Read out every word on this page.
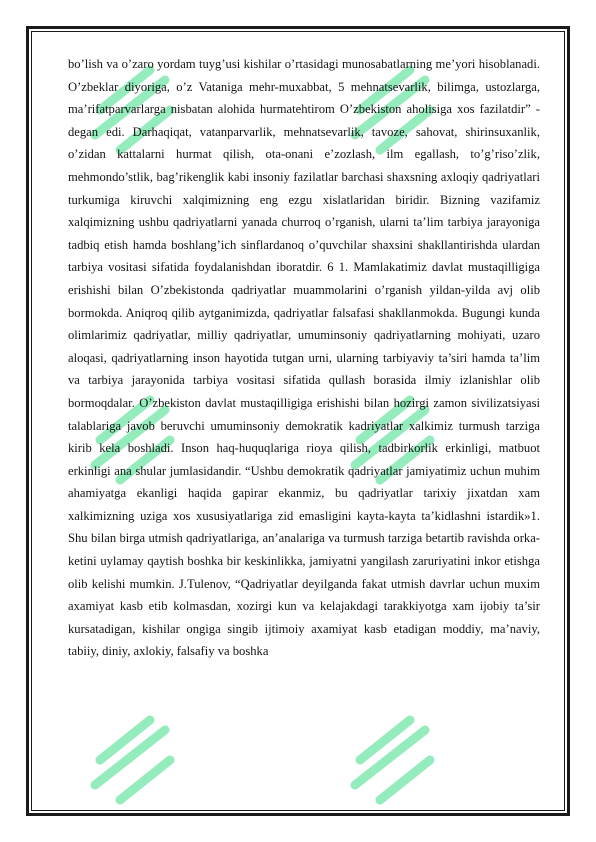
bo’lish va o’zaro yordam tuyg’usi kishilar o’rtasidagi munosabatlarning me’yori hisoblanadi. O’zbeklar diyoriga, o’z Vataniga mehr-muxabbat, 5 mehnatsevarlik, bilimga, ustozlarga, ma’rifatparvarlarga nisbatan alohida hurmatehtirom O’zbekiston aholisiga xos fazilatdir” - degan edi. Darhaqiqat, vatanparvarlik, mehnatsevarlik, tavoze, sahovat, shirinsuxanlik, o’zidan kattalarni hurmat qilish, ota-onani e’zozlash, ilm egallash, to’g’riso’zlik, mehmondo’stlik, bag’rikenglik kabi insoniy fazilatlar barchasi shaxsning axloqiy qadriyatlari turkumiga kiruvchi xalqimizning eng ezgu xislatlaridan biridir. Bizning vazifamiz xalqimizning ushbu qadriyatlarni yanada churroq o’rganish, ularni ta’lim tarbiya jarayoniga tadbiq etish hamda boshlang’ich sinflardanoq o’quvchilar shaxsini shakllantirishda ulardan tarbiya vositasi sifatida foydalanishdan iboratdir. 6 1. Mamlakatimiz davlat mustaqilligiga erishishi bilan O’zbekistonda qadriyatlar muammolarini o’rganish yildan-yilda avj olib bormokda. Aniqroq qilib aytganimizda, qadriyatlar falsafasi shakllanmokda. Bugungi kunda olimlarimiz qadriyatlar, milliy qadriyatlar, umuminsoniy qadriyatlarning mohiyati, uzaro aloqasi, qadriyatlarning inson hayotida tutgan urni, ularning tarbiyaviy ta’siri hamda ta’lim va tarbiya jarayonida tarbiya vositasi sifatida qullash borasida ilmiy izlanishlar olib bormoqdalar. O’zbekiston davlat mustaqilligiga erishishi bilan hozirgi zamon sivilizatsiyasi talablariga javob beruvchi umuminsoniy demokratik kadriyatlar xalkimiz turmush tarziga kirib kela boshladi. Inson haq-huquqlariga rioya qilish, tadbirkorlik erkinligi, matbuot erkinligi ana shular jumlasidandir. “Ushbu demokratik qadriyatlar jamiyatimiz uchun muhim ahamiyatga ekanligi haqida gapirar ekanmiz, bu qadriyatlar tarixiy jixatdan xam xalkimizning uziga xos xususiyatlariga zid emasligini kayta-kayta ta’kidlashni istardik»1. Shu bilan birga utmish qadriyatlariga, an’analariga va turmush tarziga betartib ravishda orka-ketini uylamay qaytish boshka bir keskinlikka, jamiyatni yangilash zaruriyatini inkor etishga olib kelishi mumkin. J.Tulenov, “Qadriyatlar deyilganda fakat utmish davrlar uchun muxim axamiyat kasb etib kolmasdan, xozirgi kun va kelajakdagi tarakkiyotga xam ijobiy ta’sir kursatadigan, kishilar ongiga singib ijtimoiy axamiyat kasb etadigan moddiy, ma’naviy, tabiiy, diniy, axlokiy, falsafiy va boshka
